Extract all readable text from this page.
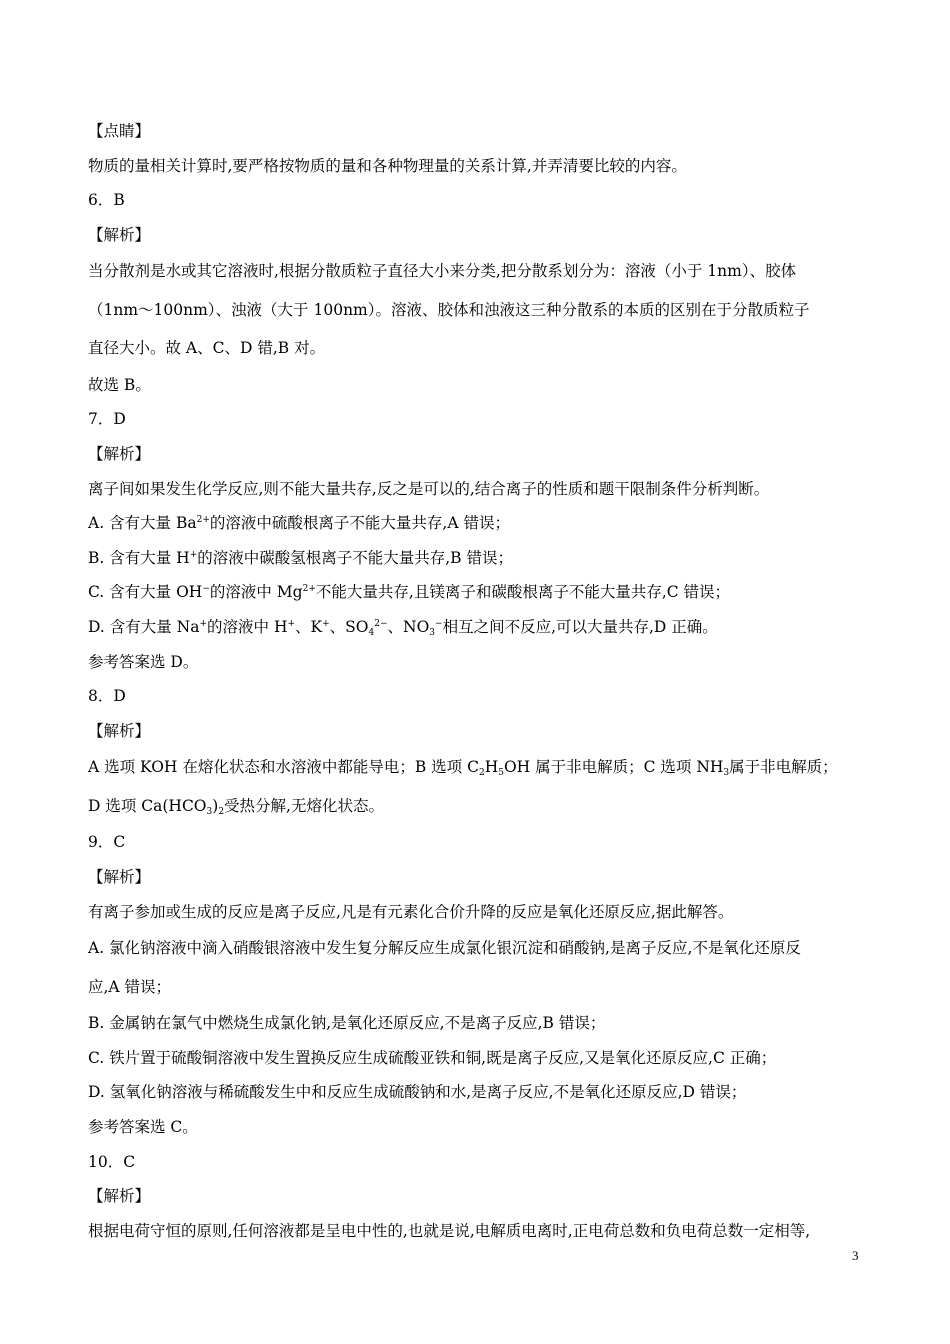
【点睛】
物质的量相关计算时,要严格按物质的量和各种物理量的关系计算,并弄清要比较的内容。
6．B
【解析】
当分散剂是水或其它溶液时,根据分散质粒子直径大小来分类,把分散系划分为：溶液（小于 1nm）、胶体
（1nm～100nm）、浊液（大于 100nm）。溶液、胶体和浊液这三种分散系的本质的区别在于分散质粒子
直径大小。故 A、C、D 错,B 对。
故选 B。
7．D
【解析】
离子间如果发生化学反应,则不能大量共存,反之是可以的,结合离子的性质和题干限制条件分析判断。
A. 含有大量 $Ba^{2+}$的溶液中硫酸根离子不能大量共存,A 错误；
B. 含有大量 H+的溶液中碳酸氢根离子不能大量共存,B 错误；
C. 含有大量 OH−的溶液中 $Mg^{2+}$不能大量共存,且镁离子和碳酸根离子不能大量共存,C 错误；
D. 含有大量 Na+的溶液中 H+、K+、$SO_4^{2-}$、$NO_3^-$相互之间不反应,可以大量共存,D 正确。
参考答案选 D。
8．D
【解析】
A 选项 KOH 在熔化状态和水溶液中都能导电；B 选项 $C_2H_5OH$ 属于非电解质；C 选项 $NH_3$属于非电解质；
D 选项 $Ca(HCO_3)_2$受热分解,无熔化状态。
9．C
【解析】
有离子参加或生成的反应是离子反应,凡是有元素化合价升降的反应是氧化还原反应,据此解答。
A. 氯化钠溶液中滴入硝酸银溶液中发生复分解反应生成氯化银沉淀和硝酸钠,是离子反应,不是氧化还原反
应,A 错误；
B. 金属钠在氯气中燃烧生成氯化钠,是氧化还原反应,不是离子反应,B 错误；
C. 铁片置于硫酸铜溶液中发生置换反应生成硫酸亚铁和铜,既是离子反应,又是氧化还原反应,C 正确；
D. 氢氧化钠溶液与稀硫酸发生中和反应生成硫酸钠和水,是离子反应,不是氧化还原反应,D 错误；
参考答案选 C。
10．C
【解析】
根据电荷守恒的原则,任何溶液都是呈电中性的,也就是说,电解质电离时,正电荷总数和负电荷总数一定相等,
3
